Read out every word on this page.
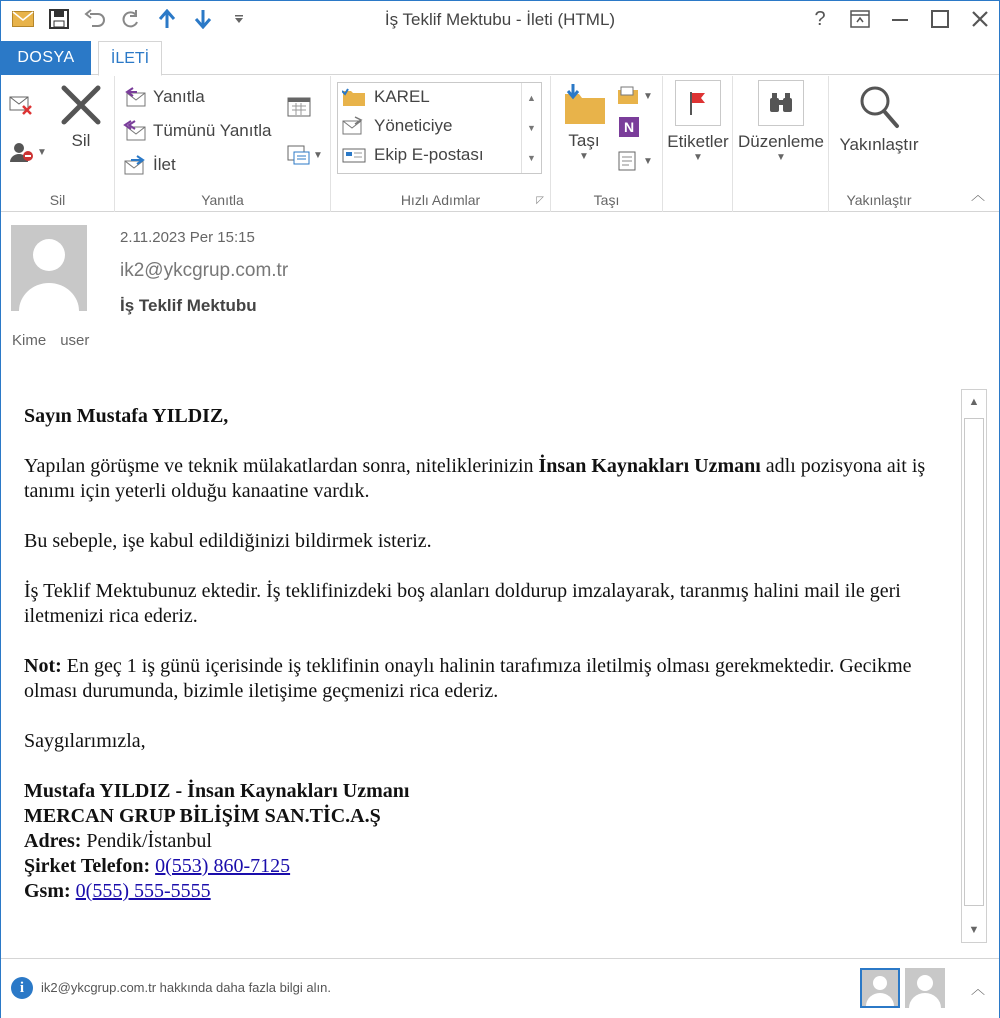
İş Teklif Mektubu - İleti (HTML)	?
DOSYA	İLETİ
▼
Sil
Sil
Yanıtla
Tümünü Yanıtla
İlet	▼
Yanıtla
KAREL
Yöneticiye
Ekip E-postası
▲
▼
▼
Hızlı Adımlar	◸
Taşı
▼
▼
N
▼
Taşı
Etiketler
▼
Düzenleme
▼
Yakınlaştır
Yakınlaştır	︿
2.11.2023 Per 15:15
ik2@ykcgrup.com.tr
İş Teklif Mektubu
Kime user

Sayın Mustafa YILDIZ,

Yapılan görüşme ve teknik mülakatlardan sonra, niteliklerinizin İnsan Kaynakları Uzmanı adlı pozisyona ait iş tanımı için yeterli olduğu kanaatine vardık.

Bu sebeple, işe kabul edildiğinizi bildirmek isteriz.

İş Teklif Mektubunuz ektedir. İş teklifinizdeki boş alanları doldurup imzalayarak, taranmış halini mail ile geri iletmenizi rica ederiz.

Not: En geç 1 iş günü içerisinde iş teklifinin onaylı halinin tarafımıza iletilmiş olması gerekmektedir. Gecikme olması durumunda, bizimle iletişime geçmenizi rica ederiz.

Saygılarımızla,

Mustafa YILDIZ - İnsan Kaynakları Uzmanı
MERCAN GRUP BİLİŞİM SAN.TİC.A.Ş
Adres: Pendik/İstanbul
Şirket Telefon: 0(553) 860-7125
Gsm: 0(555) 555-5555
▲
▼
i	ik2@ykcgrup.com.tr hakkında daha fazla bilgi alın.	︿
